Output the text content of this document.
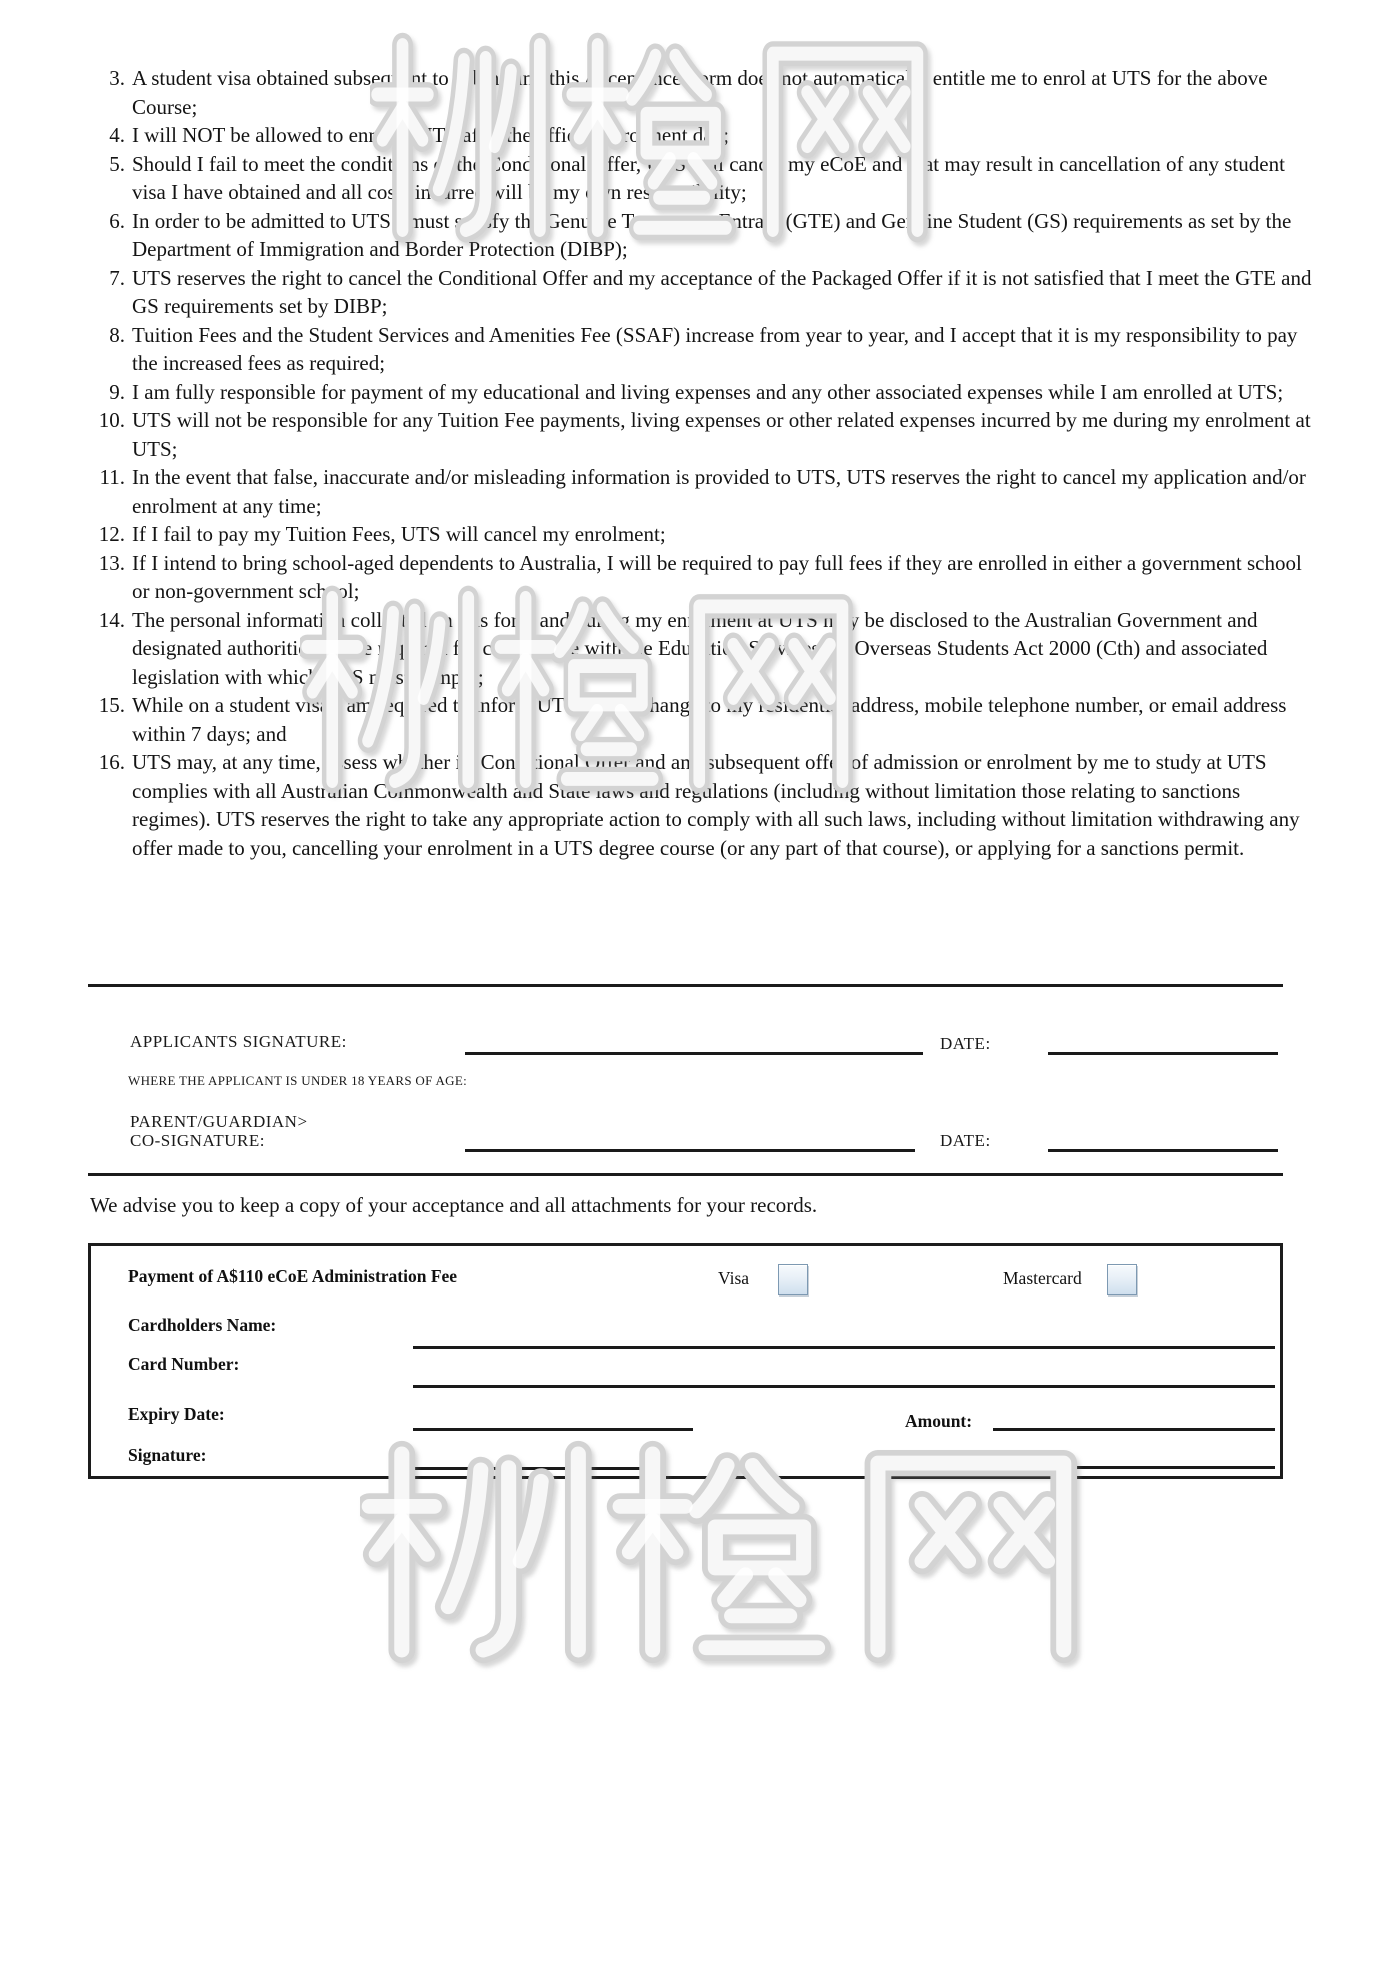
3. A student visa obtained subsequent to submitting this Acceptance Form does not automatically entitle me to enrol at UTS for the above Course;
4. I will NOT be allowed to enrol at UTS after the official enrolment day;
5. Should I fail to meet the conditions of the Conditional Offer, UTS will cancel my eCoE and that may result in cancellation of any student visa I have obtained and all costs incurred will be my own responsibility;
6. In order to be admitted to UTS I must satisfy the Genuine Temporary Entrant (GTE) and Genuine Student (GS) requirements as set by the Department of Immigration and Border Protection (DIBP);
7. UTS reserves the right to cancel the Conditional Offer and my acceptance of the Packaged Offer if it is not satisfied that I meet the GTE and GS requirements set by DIBP;
8. Tuition Fees and the Student Services and Amenities Fee (SSAF) increase from year to year, and I accept that it is my responsibility to pay the increased fees as required;
9. I am fully responsible for payment of my educational and living expenses and any other associated expenses while I am enrolled at UTS;
10. UTS will not be responsible for any Tuition Fee payments, living expenses or other related expenses incurred by me during my enrolment at UTS;
11. In the event that false, inaccurate and/or misleading information is provided to UTS, UTS reserves the right to cancel my application and/or enrolment at any time;
12. If I fail to pay my Tuition Fees, UTS will cancel my enrolment;
13. If I intend to bring school-aged dependents to Australia, I will be required to pay full fees if they are enrolled in either a government school or non-government school;
14. The personal information collected on this form and during my enrolment at UTS may be disclosed to the Australian Government and designated authorities where required for compliance with the Education Services for Overseas Students Act 2000 (Cth) and associated legislation with which UTS must comply;
15. While on a student visa I am required to inform UTS of any change to my residential address, mobile telephone number, or email address within 7 days; and
16. UTS may, at any time, assess whether its Conditional Offer and any subsequent offer of admission or enrolment by me to study at UTS complies with all Australian Commonwealth and State laws and regulations (including without limitation those relating to sanctions regimes). UTS reserves the right to take any appropriate action to comply with all such laws, including without limitation withdrawing any offer made to you, cancelling your enrolment in a UTS degree course (or any part of that course), or applying for a sanctions permit.
APPLICANTS SIGNATURE:	DATE:
WHERE THE APPLICANT IS UNDER 18 YEARS OF AGE:
PARENT/GUARDIAN>
CO-SIGNATURE:	DATE:
We advise you to keep a copy of your acceptance and all attachments for your records.
Payment of A$110 eCoE Administration Fee	Visa	Mastercard
Cardholders Name:
Card Number:
Expiry Date:	Amount:
Signature:	Date:
